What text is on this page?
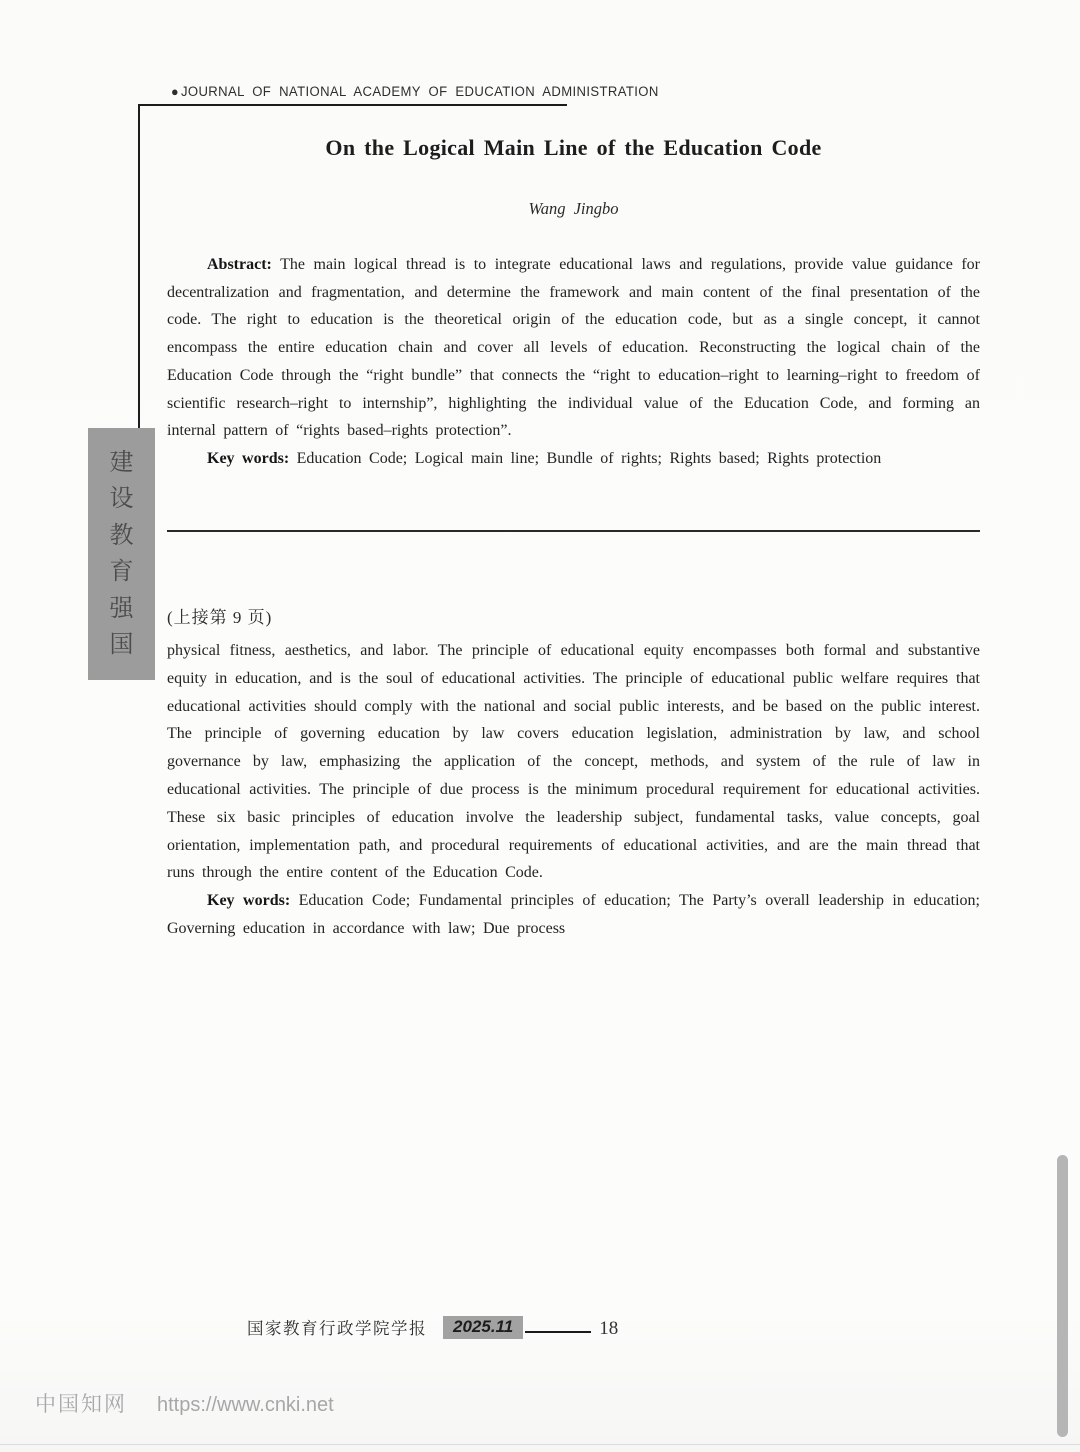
● JOURNAL OF NATIONAL ACADEMY OF EDUCATION ADMINISTRATION
On the Logical Main Line of the Education Code
Wang Jingbo

Abstract: The main logical thread is to integrate educational laws and regulations, provide value guidance for decentralization and fragmentation, and determine the framework and main content of the final presentation of the code. The right to education is the theoretical origin of the education code, but as a single concept, it cannot encompass the entire education chain and cover all levels of education. Reconstructing the logical chain of the Education Code through the “right bundle” that connects the “right to education–right to learning–right to freedom of scientific research–right to internship”, highlighting the individual value of the Education Code, and forming an internal pattern of “rights based–rights protection”.

Key words: Education Code; Logical main line; Bundle of rights; Rights based; Rights protection

(上接第 9 页)

physical fitness, aesthetics, and labor. The principle of educational equity encompasses both formal and substantive equity in education, and is the soul of educational activities. The principle of educational public welfare requires that educational activities should comply with the national and social public interests, and be based on the public interest. The principle of governing education by law covers education legislation, administration by law, and school governance by law, emphasizing the application of the concept, methods, and system of the rule of law in educational activities. The principle of due process is the minimum procedural requirement for educational activities. These six basic principles of education involve the leadership subject, fundamental tasks, value concepts, goal orientation, implementation path, and procedural requirements of educational activities, and are the main thread that runs through the entire content of the Education Code.

Key words: Education Code; Fundamental principles of education; The Party’s overall leadership in education; Governing education in accordance with law; Due process

建
设
教
育
强
国
国家教育行政学院学报	2025.11	18
中国知网 https://www.cnki.net
